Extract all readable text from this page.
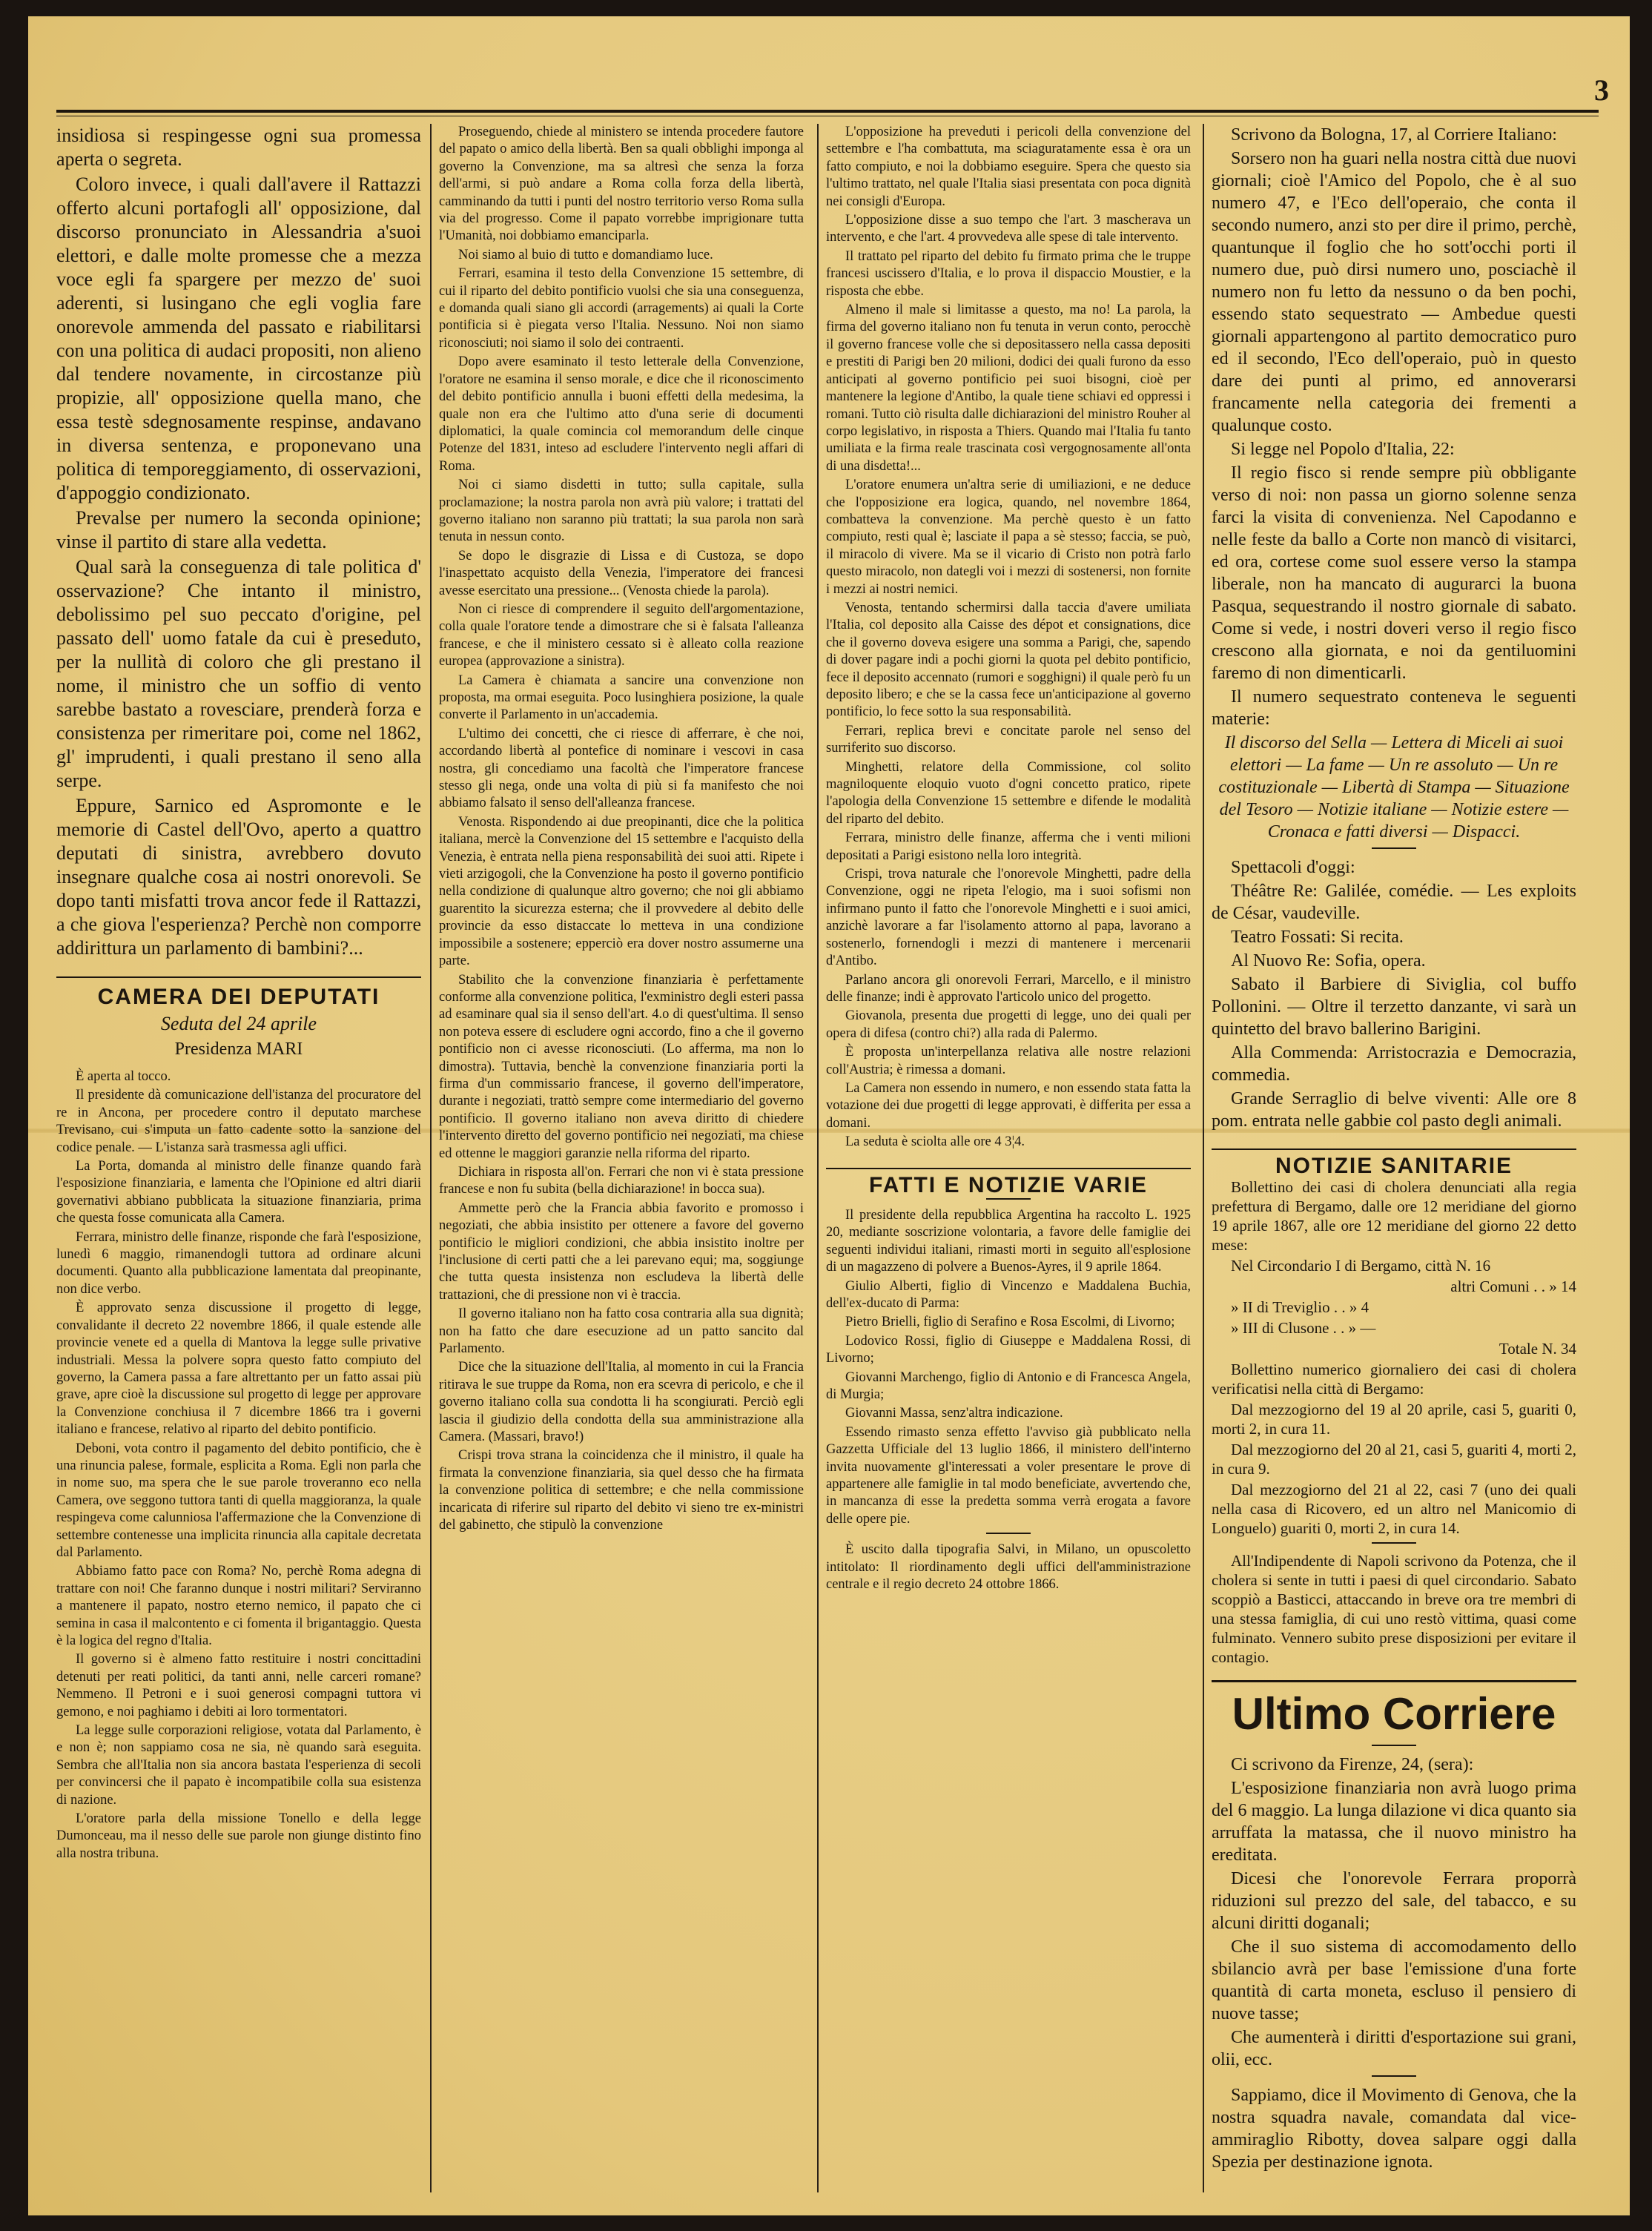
3

insidiosa si respingesse ogni sua promessa aperta o segreta.

Coloro invece, i quali dall'avere il Rattazzi offerto alcuni portafogli all' opposizione, dal discorso pronunciato in Alessandria a'suoi elettori, e dalle molte promesse che a mezza voce egli fa spargere per mezzo de' suoi aderenti, si lusingano che egli voglia fare onorevole ammenda del passato e riabilitarsi con una politica di audaci propositi, non alieno dal tendere novamente, in circostanze più propizie, all' opposizione quella mano, che essa testè sdegnosamente respinse, andavano in diversa sentenza, e proponevano una politica di temporeggiamento, di osservazioni, d'appoggio condizionato.

Prevalse per numero la seconda opinione; vinse il partito di stare alla vedetta.

Qual sarà la conseguenza di tale politica d' osservazione? Che intanto il ministro, debolissimo pel suo peccato d'origine, pel passato dell' uomo fatale da cui è preseduto, per la nullità di coloro che gli prestano il nome, il ministro che un soffio di vento sarebbe bastato a rovesciare, prenderà forza e consistenza per rimeritare poi, come nel 1862, gl' imprudenti, i quali prestano il seno alla serpe.

Eppure, Sarnico ed Aspromonte e le memorie di Castel dell'Ovo, aperto a quattro deputati di sinistra, avrebbero dovuto insegnare qualche cosa ai nostri onorevoli. Se dopo tanti misfatti trova ancor fede il Rattazzi, a che giova l'esperienza? Perchè non comporre addirittura un parlamento di bambini?...

CAMERA DEI DEPUTATI
Seduta del 24 aprile
Presidenza MARI

È aperta al tocco.

Il presidente dà comunicazione dell'istanza del procuratore del re in Ancona, per procedere contro il deputato marchese Trevisano, cui s'imputa un fatto cadente sotto la sanzione del codice penale. — L'istanza sarà trasmessa agli uffici.

La Porta, domanda al ministro delle finanze quando farà l'esposizione finanziaria, e lamenta che l'Opinione ed altri diarii governativi abbiano pubblicata la situazione finanziaria, prima che questa fosse comunicata alla Camera.

Ferrara, ministro delle finanze, risponde che farà l'esposizione, lunedì 6 maggio, rimanendogli tuttora ad ordinare alcuni documenti. Quanto alla pubblicazione lamentata dal preopinante, non dice verbo.

È approvato senza discussione il progetto di legge, convalidante il decreto 22 novembre 1866, il quale estende alle provincie venete ed a quella di Mantova la legge sulle privative industriali. Messa la polvere sopra questo fatto compiuto del governo, la Camera passa a fare altrettanto per un fatto assai più grave, apre cioè la discussione sul progetto di legge per approvare la Convenzione conchiusa il 7 dicembre 1866 tra i governi italiano e francese, relativo al riparto del debito pontificio.

Deboni, vota contro il pagamento del debito pontificio, che è una rinuncia palese, formale, esplicita a Roma. Egli non parla che in nome suo, ma spera che le sue parole troveranno eco nella Camera, ove seggono tuttora tanti di quella maggioranza, la quale respingeva come calunniosa l'affermazione che la Convenzione di settembre contenesse una implicita rinuncia alla capitale decretata dal Parlamento.

Abbiamo fatto pace con Roma? No, perchè Roma adegna di trattare con noi! Che faranno dunque i nostri militari? Serviranno a mantenere il papato, nostro eterno nemico, il papato che ci semina in casa il malcontento e ci fomenta il brigantaggio. Questa è la logica del regno d'Italia.

Il governo si è almeno fatto restituire i nostri concittadini detenuti per reati politici, da tanti anni, nelle carceri romane? Nemmeno. Il Petroni e i suoi generosi compagni tuttora vi gemono, e noi paghiamo i debiti ai loro tormentatori.

La legge sulle corporazioni religiose, votata dal Parlamento, è e non è; non sappiamo cosa ne sia, nè quando sarà eseguita. Sembra che all'Italia non sia ancora bastata l'esperienza di secoli per convincersi che il papato è incompatibile colla sua esistenza di nazione.

L'oratore parla della missione Tonello e della legge Dumonceau, ma il nesso delle sue parole non giunge distinto fino alla nostra tribuna.

Proseguendo, chiede al ministero se intenda procedere fautore del papato o amico della libertà. Ben sa quali obblighi imponga al governo la Convenzione, ma sa altresì che senza la forza dell'armi, si può andare a Roma colla forza della libertà, camminando da tutti i punti del nostro territorio verso Roma sulla via del progresso. Come il papato vorrebbe imprigionare tutta l'Umanità, noi dobbiamo emanciparla.

Noi siamo al buio di tutto e domandiamo luce.

Ferrari, esamina il testo della Convenzione 15 settembre, di cui il riparto del debito pontificio vuolsi che sia una conseguenza, e domanda quali siano gli accordi (arragements) ai quali la Corte pontificia si è piegata verso l'Italia. Nessuno. Noi non siamo riconosciuti; noi siamo il solo dei contraenti.

Dopo avere esaminato il testo letterale della Convenzione, l'oratore ne esamina il senso morale, e dice che il riconoscimento del debito pontificio annulla i buoni effetti della medesima, la quale non era che l'ultimo atto d'una serie di documenti diplomatici, la quale comincia col memorandum delle cinque Potenze del 1831, inteso ad escludere l'intervento negli affari di Roma.

Noi ci siamo disdetti in tutto; sulla capitale, sulla proclamazione; la nostra parola non avrà più valore; i trattati del governo italiano non saranno più trattati; la sua parola non sarà tenuta in nessun conto.

Se dopo le disgrazie di Lissa e di Custoza, se dopo l'inaspettato acquisto della Venezia, l'imperatore dei francesi avesse esercitato una pressione... (Venosta chiede la parola).

Non ci riesce di comprendere il seguito dell'argomentazione, colla quale l'oratore tende a dimostrare che si è falsata l'alleanza francese, e che il ministero cessato si è alleato colla reazione europea (approvazione a sinistra).

La Camera è chiamata a sancire una convenzione non proposta, ma ormai eseguita. Poco lusinghiera posizione, la quale converte il Parlamento in un'accademia.

L'ultimo dei concetti, che ci riesce di afferrare, è che noi, accordando libertà al pontefice di nominare i vescovi in casa nostra, gli concediamo una facoltà che l'imperatore francese stesso gli nega, onde una volta di più si fa manifesto che noi abbiamo falsato il senso dell'alleanza francese.

Venosta. Rispondendo ai due preopinanti, dice che la politica italiana, mercè la Convenzione del 15 settembre e l'acquisto della Venezia, è entrata nella piena responsabilità dei suoi atti. Ripete i vieti arzigogoli, che la Convenzione ha posto il governo pontificio nella condizione di qualunque altro governo; che noi gli abbiamo guarentito la sicurezza esterna; che il provvedere al debito delle provincie da esso distaccate lo metteva in una condizione impossibile a sostenere; epperciò era dover nostro assumerne una parte.

Stabilito che la convenzione finanziaria è perfettamente conforme alla convenzione politica, l'exministro degli esteri passa ad esaminare qual sia il senso dell'art. 4.o di quest'ultima. Il senso non poteva essere di escludere ogni accordo, fino a che il governo pontificio non ci avesse riconosciuti. (Lo afferma, ma non lo dimostra). Tuttavia, benchè la convenzione finanziaria porti la firma d'un commissario francese, il governo dell'imperatore, durante i negoziati, trattò sempre come intermediario del governo pontificio. Il governo italiano non aveva diritto di chiedere l'intervento diretto del governo pontificio nei negoziati, ma chiese ed ottenne le maggiori garanzie nella riforma del riparto.

Dichiara in risposta all'on. Ferrari che non vi è stata pressione francese e non fu subita (bella dichiarazione! in bocca sua).

Ammette però che la Francia abbia favorito e promosso i negoziati, che abbia insistito per ottenere a favore del governo pontificio le migliori condizioni, che abbia insistito inoltre per l'inclusione di certi patti che a lei parevano equi; ma, soggiunge che tutta questa insistenza non escludeva la libertà delle trattazioni, che di pressione non vi è traccia.

Il governo italiano non ha fatto cosa contraria alla sua dignità; non ha fatto che dare esecuzione ad un patto sancito dal Parlamento.

Dice che la situazione dell'Italia, al momento in cui la Francia ritirava le sue truppe da Roma, non era scevra di pericolo, e che il governo italiano colla sua condotta li ha scongiurati. Perciò egli lascia il giudizio della condotta della sua amministrazione alla Camera. (Massari, bravo!)

Crispi trova strana la coincidenza che il ministro, il quale ha firmata la convenzione finanziaria, sia quel desso che ha firmata la convenzione politica di settembre; e che nella commissione incaricata di riferire sul riparto del debito vi sieno tre ex-ministri del gabinetto, che stipulò la convenzione

L'opposizione ha preveduti i pericoli della convenzione del settembre e l'ha combattuta, ma sciaguratamente essa è ora un fatto compiuto, e noi la dobbiamo eseguire. Spera che questo sia l'ultimo trattato, nel quale l'Italia siasi presentata con poca dignità nei consigli d'Europa.

L'opposizione disse a suo tempo che l'art. 3 mascherava un intervento, e che l'art. 4 provvedeva alle spese di tale intervento.

Il trattato pel riparto del debito fu firmato prima che le truppe francesi uscissero d'Italia, e lo prova il dispaccio Moustier, e la risposta che ebbe.

Almeno il male si limitasse a questo, ma no! La parola, la firma del governo italiano non fu tenuta in verun conto, perocchè il governo francese volle che si depositassero nella cassa depositi e prestiti di Parigi ben 20 milioni, dodici dei quali furono da esso anticipati al governo pontificio pei suoi bisogni, cioè per mantenere la legione d'Antibo, la quale tiene schiavi ed oppressi i romani. Tutto ciò risulta dalle dichiarazioni del ministro Rouher al corpo legislativo, in risposta a Thiers. Quando mai l'Italia fu tanto umiliata e la firma reale trascinata così vergognosamente all'onta di una disdetta!...

L'oratore enumera un'altra serie di umiliazioni, e ne deduce che l'opposizione era logica, quando, nel novembre 1864, combatteva la convenzione. Ma perchè questo è un fatto compiuto, resti qual è; lasciate il papa a sè stesso; faccia, se può, il miracolo di vivere. Ma se il vicario di Cristo non potrà farlo questo miracolo, non dategli voi i mezzi di sostenersi, non fornite i mezzi ai nostri nemici.

Venosta, tentando schermirsi dalla taccia d'avere umiliata l'Italia, col deposito alla Caisse des dépot et consignations, dice che il governo doveva esigere una somma a Parigi, che, sapendo di dover pagare indi a pochi giorni la quota pel debito pontificio, fece il deposito accennato (rumori e sogghigni) il quale però fu un deposito libero; e che se la cassa fece un'anticipazione al governo pontificio, lo fece sotto la sua responsabilità.

Ferrari, replica brevi e concitate parole nel senso del surriferito suo discorso.

Minghetti, relatore della Commissione, col solito magniloquente eloquio vuoto d'ogni concetto pratico, ripete l'apologia della Convenzione 15 settembre e difende le modalità del riparto del debito.

Ferrara, ministro delle finanze, afferma che i venti milioni depositati a Parigi esistono nella loro integrità.

Crispi, trova naturale che l'onorevole Minghetti, padre della Convenzione, oggi ne ripeta l'elogio, ma i suoi sofismi non infirmano punto il fatto che l'onorevole Minghetti e i suoi amici, anzichè lavorare a far l'isolamento attorno al papa, lavorano a sostenerlo, fornendogli i mezzi di mantenere i mercenarii d'Antibo.

Parlano ancora gli onorevoli Ferrari, Marcello, e il ministro delle finanze; indi è approvato l'articolo unico del progetto.

Giovanola, presenta due progetti di legge, uno dei quali per opera di difesa (contro chi?) alla rada di Palermo.

È proposta un'interpellanza relativa alle nostre relazioni coll'Austria; è rimessa a domani.

La Camera non essendo in numero, e non essendo stata fatta la votazione dei due progetti di legge approvati, è differita per essa a domani.

La seduta è sciolta alle ore 4 3¦4.

FATTI E NOTIZIE VARIE

Il presidente della repubblica Argentina ha raccolto L. 1925 20, mediante soscrizione volontaria, a favore delle famiglie dei seguenti individui italiani, rimasti morti in seguito all'esplosione di un magazzeno di polvere a Buenos-Ayres, il 9 aprile 1864.

Giulio Alberti, figlio di Vincenzo e Maddalena Buchia, dell'ex-ducato di Parma:

Pietro Brielli, figlio di Serafino e Rosa Escolmi, di Livorno;

Lodovico Rossi, figlio di Giuseppe e Maddalena Rossi, di Livorno;

Giovanni Marchengo, figlio di Antonio e di Francesca Angela, di Murgia;

Giovanni Massa, senz'altra indicazione.

Essendo rimasto senza effetto l'avviso già pubblicato nella Gazzetta Ufficiale del 13 luglio 1866, il ministero dell'interno invita nuovamente gl'interessati a voler presentare le prove di appartenere alle famiglie in tal modo beneficiate, avvertendo che, in mancanza di esse la predetta somma verrà erogata a favore delle opere pie.

È uscito dalla tipografia Salvi, in Milano, un opuscoletto intitolato: Il riordinamento degli uffici dell'amministrazione centrale e il regio decreto 24 ottobre 1866.

Scrivono da Bologna, 17, al Corriere Italiano:

Sorsero non ha guari nella nostra città due nuovi giornali; cioè l'Amico del Popolo, che è al suo numero 47, e l'Eco dell'operaio, che conta il secondo numero, anzi sto per dire il primo, perchè, quantunque il foglio che ho sott'occhi porti il numero due, può dirsi numero uno, posciachè il numero non fu letto da nessuno o da ben pochi, essendo stato sequestrato — Ambedue questi giornali appartengono al partito democratico puro ed il secondo, l'Eco dell'operaio, può in questo dare dei punti al primo, ed annoverarsi francamente nella categoria dei frementi a qualunque costo.

Si legge nel Popolo d'Italia, 22:

Il regio fisco si rende sempre più obbligante verso di noi: non passa un giorno solenne senza farci la visita di convenienza. Nel Capodanno e nelle feste da ballo a Corte non mancò di visitarci, ed ora, cortese come suol essere verso la stampa liberale, non ha mancato di augurarci la buona Pasqua, sequestrando il nostro giornale di sabato. Come si vede, i nostri doveri verso il regio fisco crescono alla giornata, e noi da gentiluomini faremo di non dimenticarli.

Il numero sequestrato conteneva le seguenti materie:

Il discorso del Sella — Lettera di Miceli ai suoi elettori — La fame — Un re assoluto — Un re costituzionale — Libertà di Stampa — Situazione del Tesoro — Notizie italiane — Notizie estere — Cronaca e fatti diversi — Dispacci.

Spettacoli d'oggi:

Théâtre Re: Galilée, comédie. — Les exploits de César, vaudeville.

Teatro Fossati: Si recita.

Al Nuovo Re: Sofia, opera.

Sabato il Barbiere di Siviglia, col buffo Pollonini. — Oltre il terzetto danzante, vi sarà un quintetto del bravo ballerino Barigini.

Alla Commenda: Arristocrazia e Democrazia, commedia.

Grande Serraglio di belve viventi: Alle ore 8 pom. entrata nelle gabbie col pasto degli animali.

NOTIZIE SANITARIE

Bollettino dei casi di cholera denunciati alla regia prefettura di Bergamo, dalle ore 12 meridiane del giorno 19 aprile 1867, alle ore 12 meridiane del giorno 22 detto mese:

Nel Circondario I di Bergamo, città N. 16

altri Comuni . . » 14

» II di Treviglio . . » 4

» III di Clusone . . » —

Totale N. 34

Bollettino numerico giornaliero dei casi di cholera verificatisi nella città di Bergamo:

Dal mezzogiorno del 19 al 20 aprile, casi 5, guariti 0, morti 2, in cura 11.

Dal mezzogiorno del 20 al 21, casi 5, guariti 4, morti 2, in cura 9.

Dal mezzogiorno del 21 al 22, casi 7 (uno dei quali nella casa di Ricovero, ed un altro nel Manicomio di Longuelo) guariti 0, morti 2, in cura 14.

All'Indipendente di Napoli scrivono da Potenza, che il cholera si sente in tutti i paesi di quel circondario. Sabato scoppiò a Basticci, attaccando in breve ora tre membri di una stessa famiglia, di cui uno restò vittima, quasi come fulminato. Vennero subito prese disposizioni per evitare il contagio.

Ultimo Corriere

Ci scrivono da Firenze, 24, (sera):

L'esposizione finanziaria non avrà luogo prima del 6 maggio. La lunga dilazione vi dica quanto sia arruffata la matassa, che il nuovo ministro ha ereditata.

Dicesi che l'onorevole Ferrara proporrà riduzioni sul prezzo del sale, del tabacco, e su alcuni diritti doganali;

Che il suo sistema di accomodamento dello sbilancio avrà per base l'emissione d'una forte quantità di carta moneta, escluso il pensiero di nuove tasse;

Che aumenterà i diritti d'esportazione sui grani, olii, ecc.

Sappiamo, dice il Movimento di Genova, che la nostra squadra navale, comandata dal vice-ammiraglio Ribotty, dovea salpare oggi dalla Spezia per destinazione ignota.
